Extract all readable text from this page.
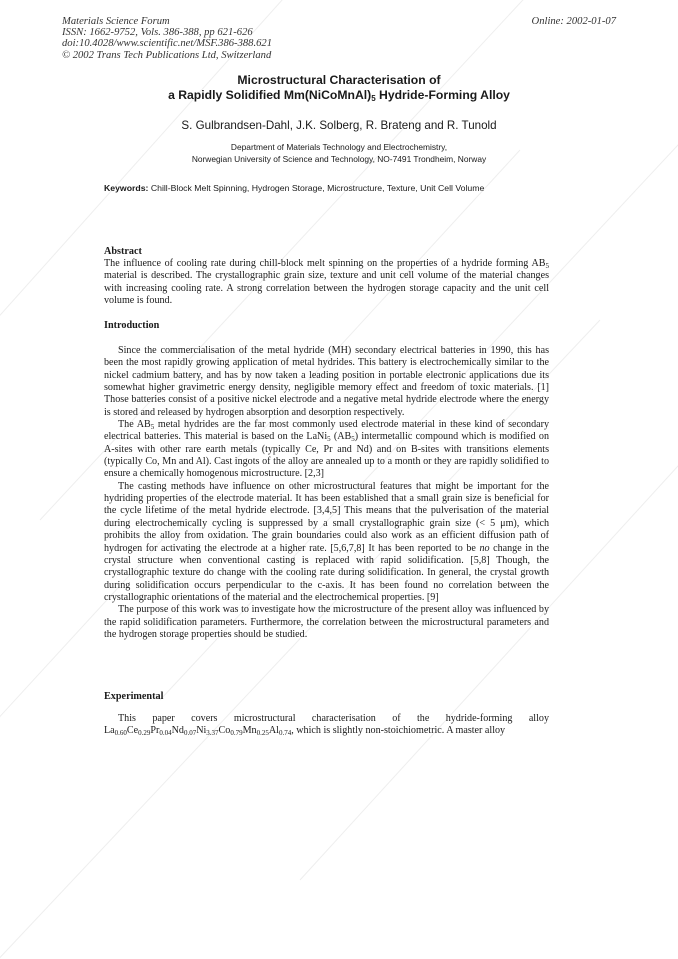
Materials Science Forum
ISSN: 1662-9752, Vols. 386-388, pp 621-626
doi:10.4028/www.scientific.net/MSF.386-388.621
© 2002 Trans Tech Publications Ltd, Switzerland
Online: 2002-01-07
Microstructural Characterisation of
a Rapidly Solidified $Mm(NiCoMnAl)_5$ Hydride-Forming Alloy
S. Gulbrandsen-Dahl, J.K. Solberg, R. Brateng and R. Tunold
Department of Materials Technology and Electrochemistry,
Norwegian University of Science and Technology, NO-7491 Trondheim, Norway
Keywords: Chill-Block Melt Spinning, Hydrogen Storage, Microstructure, Texture, Unit Cell Volume
Abstract
The influence of cooling rate during chill-block melt spinning on the properties of a hydride forming $AB_5$ material is described. The crystallographic grain size, texture and unit cell volume of the material changes with increasing cooling rate. A strong correlation between the hydrogen storage capacity and the unit cell volume is found.
Introduction

Since the commercialisation of the metal hydride (MH) secondary electrical batteries in 1990, this has been the most rapidly growing application of metal hydrides. This battery is electrochemically similar to the nickel cadmium battery, and has by now taken a leading position in portable electronic applications due its somewhat higher gravimetric energy density, negligible memory effect and freedom of toxic materials. [1] Those batteries consist of a positive nickel electrode and a negative metal hydride electrode where the energy is stored and released by hydrogen absorption and desorption respectively.

The $AB_5$ metal hydrides are the far most commonly used electrode material in these kind of secondary electrical batteries. This material is based on the LaNi$_5$ $(AB_5)$ intermetallic compound which is modified on A-sites with other rare earth metals (typically Ce, Pr and Nd) and on B-sites with transitions elements (typically Co, Mn and Al). Cast ingots of the alloy are annealed up to a month or they are rapidly solidified to ensure a chemically homogenous microstructure. [2,3]

The casting methods have influence on other microstructural features that might be important for the hydriding properties of the electrode material. It has been established that a small grain size is beneficial for the cycle lifetime of the metal hydride electrode. [3,4,5] This means that the pulverisation of the material during electrochemically cycling is suppressed by a small crystallographic grain size (< 5 μm), which prohibits the alloy from oxidation. The grain boundaries could also work as an efficient diffusion path of hydrogen for activating the electrode at a higher rate. [5,6,7,8] It has been reported to be no change in the crystal structure when conventional casting is replaced with rapid solidification. [5,8] Though, the crystallographic texture do change with the cooling rate during solidification. In general, the crystal growth during solidification occurs perpendicular to the c-axis. It has been found no correlation between the crystallographic orientations of the material and the electrochemical properties. [9]

The purpose of this work was to investigate how the microstructure of the present alloy was influenced by the rapid solidification parameters. Furthermore, the correlation between the microstructural parameters and the hydrogen storage properties should be studied.

Experimental
This paper covers microstructural characterisation of the hydride-forming alloy $La_{0.60}Ce_{0.29}Pr_{0.04}Nd_{0.07}Ni_{3.37}Co_{0.79}Mn_{0.25}Al_{0.74}$, which is slightly non-stoichiometric. A master alloy
